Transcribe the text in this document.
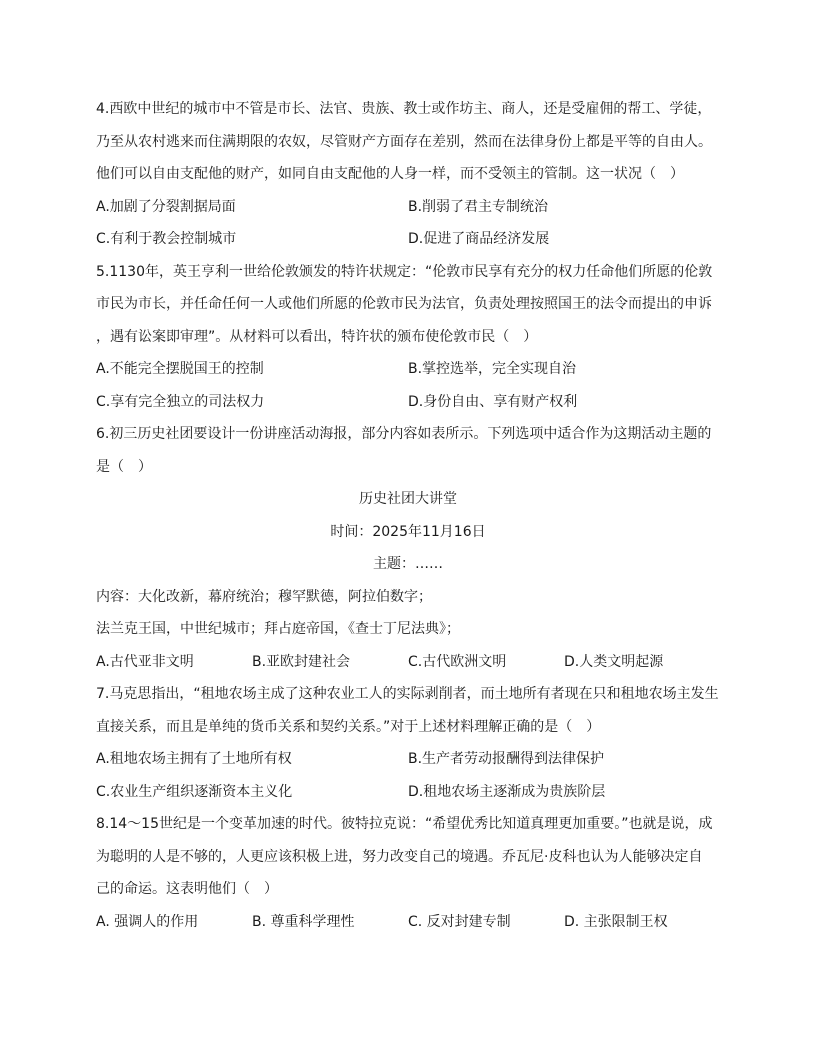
4.西欧中世纪的城市中不管是市长、法官、贵族、教士或作坊主、商人，还是受雇佣的帮工、学徒，
乃至从农村逃来而住满期限的农奴，尽管财产方面存在差别，然而在法律身份上都是平等的自由人。
他们可以自由支配他的财产，如同自由支配他的人身一样，而不受领主的管制。这一状况（　）
A.加剧了分裂割据局面	B.削弱了君主专制统治
C.有利于教会控制城市	D.促进了商品经济发展
5.1130年，英王亨利一世给伦敦颁发的特许状规定：“伦敦市民享有充分的权力任命他们所愿的伦敦
市民为市长，并任命任何一人或他们所愿的伦敦市民为法官，负责处理按照国王的法令而提出的申诉
，遇有讼案即审理”。从材料可以看出，特许状的颁布使伦敦市民（　）
A.不能完全摆脱国王的控制	B.掌控选举，完全实现自治
C.享有完全独立的司法权力	D.身份自由、享有财产权利
6.初三历史社团要设计一份讲座活动海报，部分内容如表所示。下列选项中适合作为这期活动主题的
是（　）
历史社团大讲堂
时间：2025年11月16日
主题：……
内容：大化改新，幕府统治；穆罕默德，阿拉伯数字；
法兰克王国，中世纪城市；拜占庭帝国，《查士丁尼法典》；
A.古代亚非文明	B.亚欧封建社会	C.古代欧洲文明	D.人类文明起源
7.马克思指出，“租地农场主成了这种农业工人的实际剥削者，而土地所有者现在只和租地农场主发生
直接关系，而且是单纯的货币关系和契约关系。”对于上述材料理解正确的是（　）
A.租地农场主拥有了土地所有权	B.生产者劳动报酬得到法律保护
C.农业生产组织逐渐资本主义化	D.租地农场主逐渐成为贵族阶层
8.14～15世纪是一个变革加速的时代。彼特拉克说：“希望优秀比知道真理更加重要。”也就是说，成
为聪明的人是不够的，人更应该积极上进，努力改变自己的境遇。乔瓦尼·皮科也认为人能够决定自
己的命运。这表明他们（　）
A. 强调人的作用	B. 尊重科学理性	C. 反对封建专制	D. 主张限制王权
